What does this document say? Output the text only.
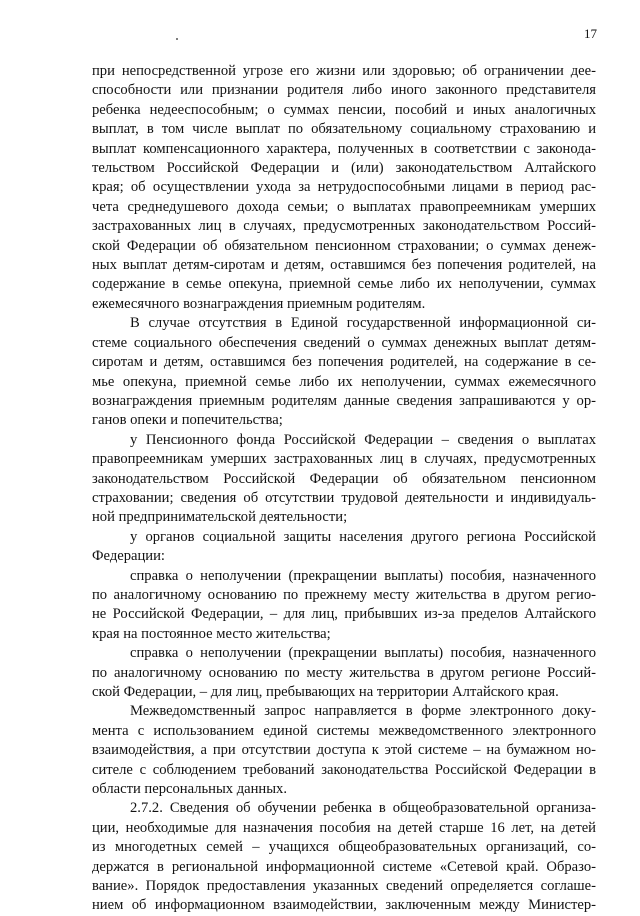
17
при непосредственной угрозе его жизни или здоровью; об ограничении дее-
способности или признании родителя либо иного законного представителя
ребенка недееспособным; о суммах пенсии, пособий и иных аналогичных
выплат, в том числе выплат по обязательному социальному страхованию и
выплат компенсационного характера, полученных в соответствии с законода-
тельством Российской Федерации и (или) законодательством Алтайского
края; об осуществлении ухода за нетрудоспособными лицами в период рас-
чета среднедушевого дохода семьи; о выплатах правопреемникам умерших
застрахованных лиц в случаях, предусмотренных законодательством Россий-
ской Федерации об обязательном пенсионном страховании; о суммах денеж-
ных выплат детям-сиротам и детям, оставшимся без попечения родителей, на
содержание в семье опекуна, приемной семье либо их неполучении, суммах
ежемесячного вознаграждения приемным родителям.
В случае отсутствия в Единой государственной информационной си-
стеме социального обеспечения сведений о суммах денежных выплат детям-
сиротам и детям, оставшимся без попечения родителей, на содержание в се-
мье опекуна, приемной семье либо их неполучении, суммах ежемесячного
вознаграждения приемным родителям данные сведения запрашиваются у ор-
ганов опеки и попечительства;
у Пенсионного фонда Российской Федерации – сведения о выплатах
правопреемникам умерших застрахованных лиц в случаях, предусмотренных
законодательством Российской Федерации об обязательном пенсионном
страховании; сведения об отсутствии трудовой деятельности и индивидуаль-
ной предпринимательской деятельности;
у органов социальной защиты населения другого региона Российской
Федерации:
справка о неполучении (прекращении выплаты) пособия, назначенного
по аналогичному основанию по прежнему месту жительства в другом регио-
не Российской Федерации, – для лиц, прибывших из-за пределов Алтайского
края на постоянное место жительства;
справка о неполучении (прекращении выплаты) пособия, назначенного
по аналогичному основанию по месту жительства в другом регионе Россий-
ской Федерации, – для лиц, пребывающих на территории Алтайского края.
Межведомственный запрос направляется в форме электронного доку-
мента с использованием единой системы межведомственного электронного
взаимодействия, а при отсутствии доступа к этой системе – на бумажном но-
сителе с соблюдением требований законодательства Российской Федерации в
области персональных данных.
2.7.2. Сведения об обучении ребенка в общеобразовательной организа-
ции, необходимые для назначения пособия на детей старше 16 лет, на детей
из многодетных семей – учащихся общеобразовательных организаций, со-
держатся в региональной информационной системе «Сетевой край. Образо-
вание». Порядок предоставления указанных сведений определяется соглаше-
нием об информационном взаимодействии, заключенным между Министер-
